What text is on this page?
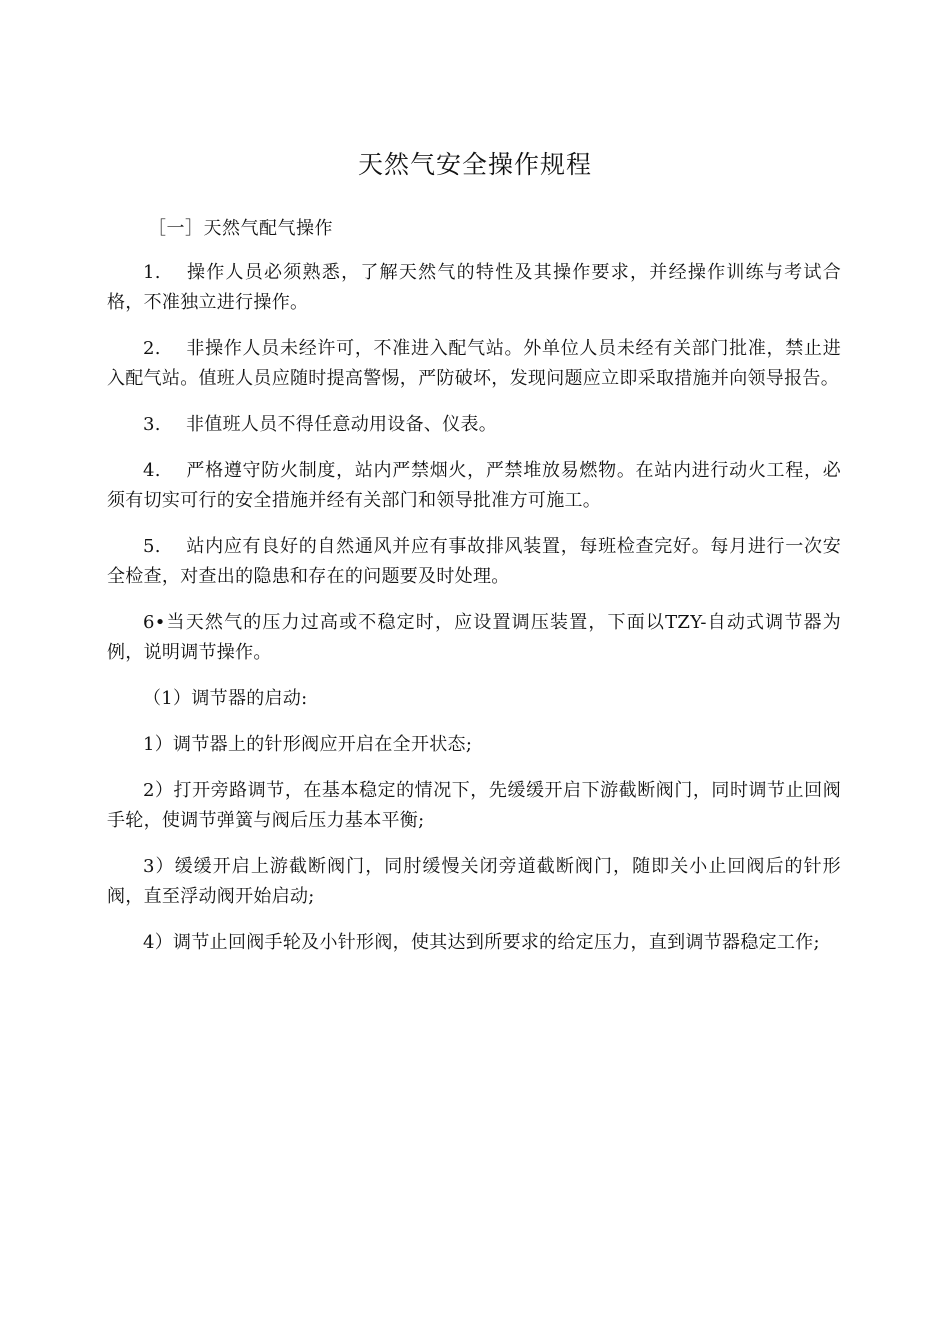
天然气安全操作规程
［一］天然气配气操作

1. 操作人员必须熟悉，了解天然气的特性及其操作要求，并经操作训练与考试合格，不准独立进行操作。

2. 非操作人员未经许可，不准进入配气站。外单位人员未经有关部门批准，禁止进入配气站。值班人员应随时提高警惕，严防破坏，发现问题应立即采取措施并向领导报告。

3. 非值班人员不得任意动用设备、仪表。

4. 严格遵守防火制度，站内严禁烟火，严禁堆放易燃物。在站内进行动火工程，必须有切实可行的安全措施并经有关部门和领导批准方可施工。

5. 站内应有良好的自然通风并应有事故排风装置，每班检查完好。每月进行一次安全检查，对查出的隐患和存在的问题要及时处理。

6•当天然气的压力过高或不稳定时，应设置调压装置，下面以TZY-自动式调节器为例，说明调节操作。

（1）调节器的启动:

1）调节器上的针形阀应开启在全开状态;

2）打开旁路调节，在基本稳定的情况下，先缓缓开启下游截断阀门，同时调节止回阀手轮，使调节弹簧与阀后压力基本平衡;

3）缓缓开启上游截断阀门，同肘缓慢关闭旁道截断阀门，随即关小止回阀后的针形阀，直至浮动阀开始启动;

4）调节止回阀手轮及小针形阀，使其达到所要求的给定压力，直到调节器稳定工作;
